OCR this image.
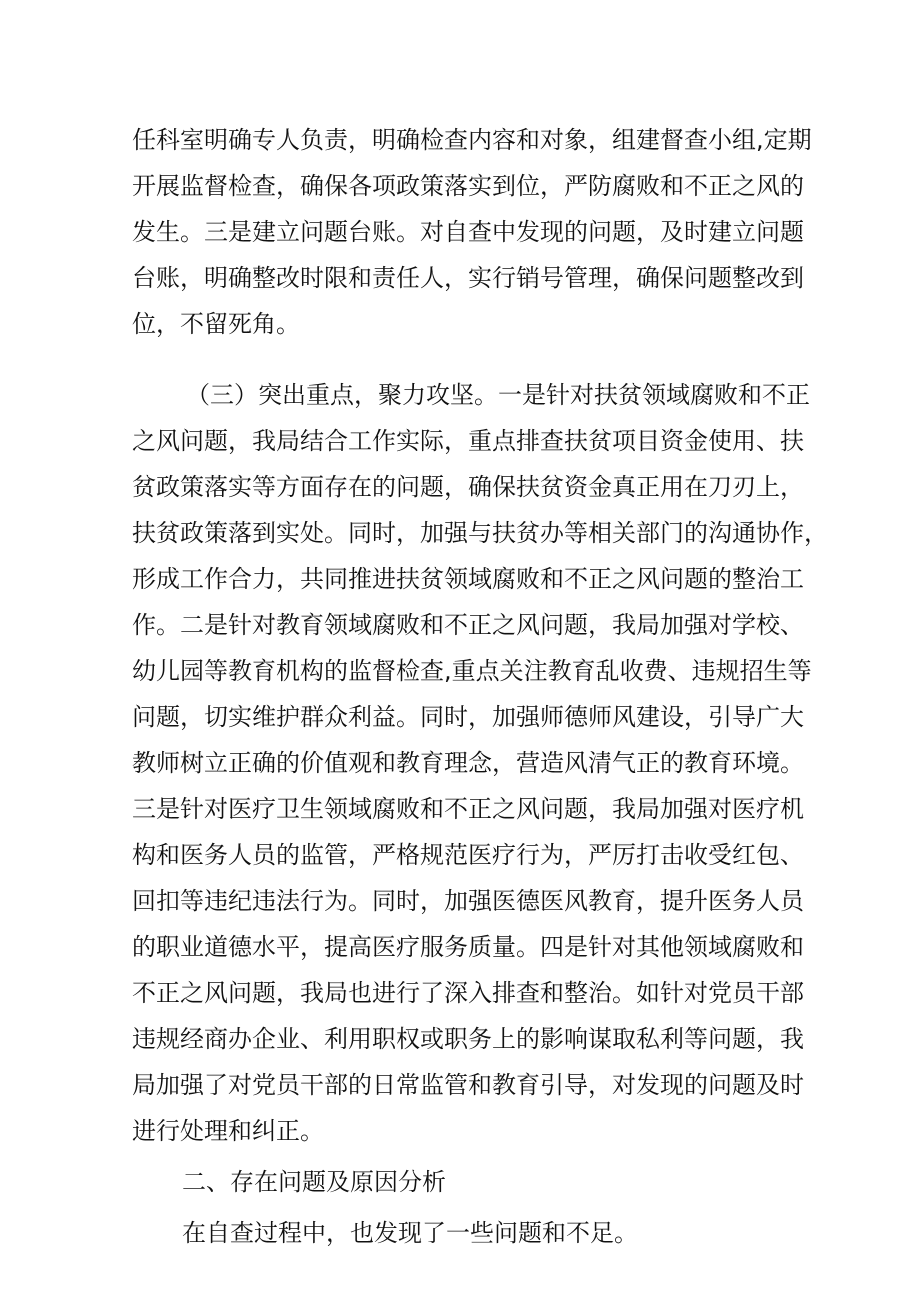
任科室明确专人负责，明确检查内容和对象，组建督查小组,定期
开展监督检查，确保各项政策落实到位，严防腐败和不正之风的
发生。三是建立问题台账。对自查中发现的问题，及时建立问题
台账，明确整改时限和责任人，实行销号管理，确保问题整改到
位，不留死角。
（三）突出重点，聚力攻坚。一是针对扶贫领域腐败和不正
之风问题，我局结合工作实际，重点排查扶贫项目资金使用、扶
贫政策落实等方面存在的问题，确保扶贫资金真正用在刀刃上，
扶贫政策落到实处。同时，加强与扶贫办等相关部门的沟通协作，
形成工作合力，共同推进扶贫领域腐败和不正之风问题的整治工
作。二是针对教育领域腐败和不正之风问题，我局加强对学校、
幼儿园等教育机构的监督检查,重点关注教育乱收费、违规招生等
问题，切实维护群众利益。同时，加强师德师风建设，引导广大
教师树立正确的价值观和教育理念，营造风清气正的教育环境。
三是针对医疗卫生领域腐败和不正之风问题，我局加强对医疗机
构和医务人员的监管，严格规范医疗行为，严厉打击收受红包、
回扣等违纪违法行为。同时，加强医德医风教育，提升医务人员
的职业道德水平，提高医疗服务质量。四是针对其他领域腐败和
不正之风问题，我局也进行了深入排查和整治。如针对党员干部
违规经商办企业、利用职权或职务上的影响谋取私利等问题，我
局加强了对党员干部的日常监管和教育引导，对发现的问题及时
进行处理和纠正。
二、存在问题及原因分析
在自查过程中，也发现了一些问题和不足。
